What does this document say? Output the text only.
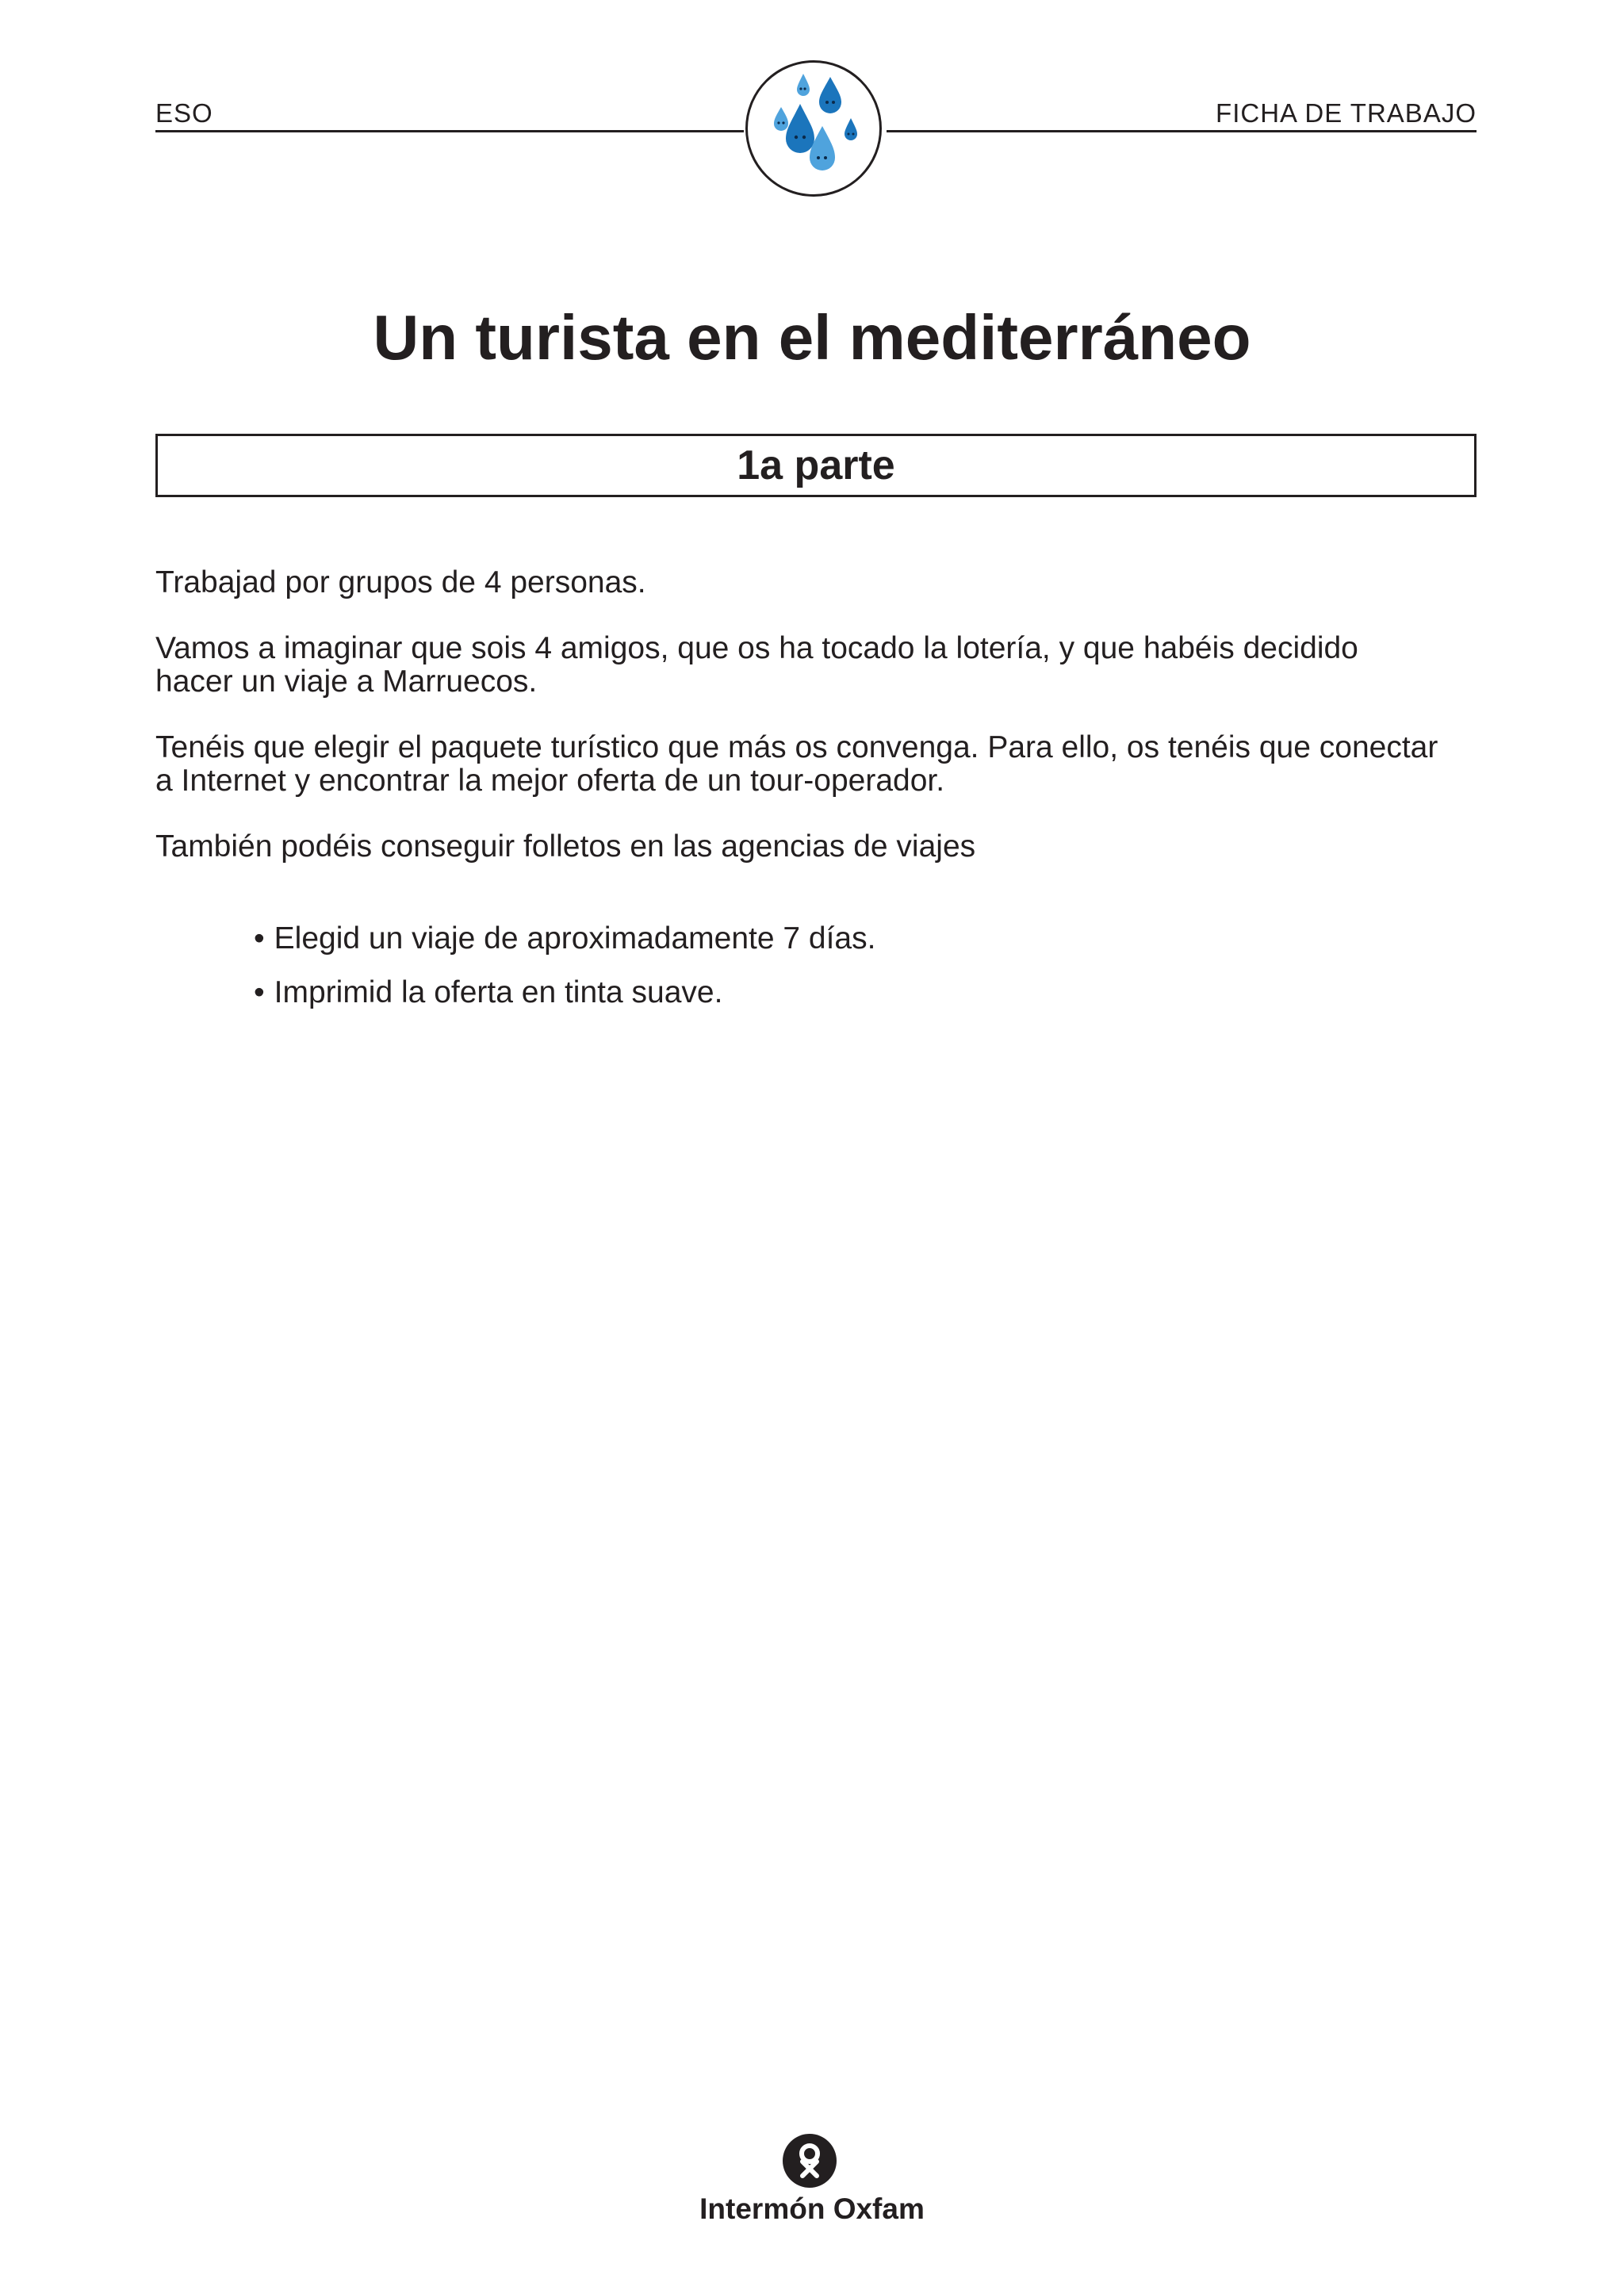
ESO	FICHA DE TRABAJO
Un turista en el mediterráneo
1a parte

Trabajad por grupos de 4 personas.

Vamos a imaginar que sois 4 amigos, que os ha tocado la lotería, y que habéis decidido
hacer un viaje a Marruecos.

Tenéis que elegir el paquete turístico que más os convenga. Para ello, os tenéis que conectar
a Internet y encontrar la mejor oferta de un tour-operador.

También podéis conseguir folletos en las agencias de viajes

• Elegid un viaje de aproximadamente 7 días.
• Imprimid la oferta en tinta suave.
Intermón Oxfam
